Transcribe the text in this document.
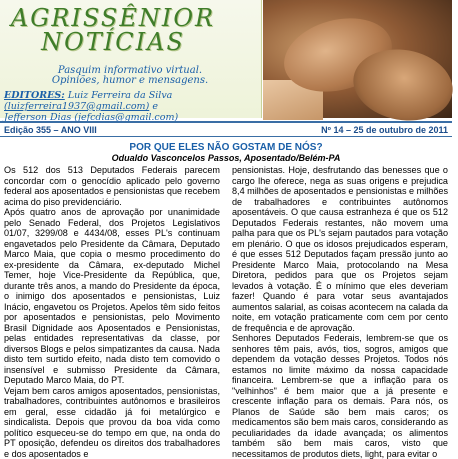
AGRISSÊNIOR
NOTÍCIAS
Pasquim informativo virtual.
Opiniões, humor e mensagens.
EDITORES: Luiz Ferreira da Silva
(luizferreira1937@gmail.com) e
Jefferson Dias (jefcdias@gmail.com)
Edição 355 – ANO VIII	Nº 14 – 25 de outubro de 2011
POR QUE ELES NÃO GOSTAM DE NÓS?
Odualdo Vasconcelos Passos, Aposentado/Belém-PA

Os 512 dos 513 Deputados Federais parecem concordar com o genocídio aplicado pelo governo federal aos aposentados e pensionistas que recebem acima do piso previdenciário.

Após quatro anos de aprovação por unanimidade pelo Senado Federal, dos Projetos Legislativos 01/07, 3299/08 e 4434/08, esses PL's continuam engavetados pelo Presidente da Câmara, Deputado Marco Maia, que copia o mesmo procedimento do ex-presidente da Câmara, ex-deputado Michel Temer, hoje Vice-Presidente da República, que, durante três anos, a mando do Presidente da época, o inimigo dos aposentados e pensionistas, Luiz Inácio, engavetou os Projetos. Apelos têm sido feitos por aposentados e pensionistas, pelo Movimento Brasil Dignidade aos Aposentados e Pensionistas, pelas entidades representativas da classe, por diversos Blogs e pelos simpatizantes da causa. Nada disto tem surtido efeito, nada disto tem comovido o insensível e submisso Presidente da Câmara, Deputado Marco Maia, do PT.

Vejam bem caros amigos aposentados, pensionistas, trabalhadores, contribuintes autônomos e brasileiros em geral, esse cidadão já foi metalúrgico e sindicalista. Depois que provou da boa vida como político esqueceu-se do tempo em que, na onda do PT oposição, defendeu os direitos dos trabalhadores e dos aposentados e

pensionistas. Hoje, desfrutando das benesses que o cargo lhe oferece, nega as suas origens e prejudica 8,4 milhões de aposentados e pensionistas e milhões de trabalhadores e contribuintes autônomos aposentáveis. O que causa estranheza é que os 512 Deputados Federais restantes, não movem uma palha para que os PL's sejam pautados para votação em plenário. O que os idosos prejudicados esperam, é que esses 512 Deputados façam pressão junto ao Presidente Marco Maia, protocolando na Mesa Diretora, pedidos para que os Projetos sejam levados à votação. É o mínimo que eles deveriam fazer! Quando é para votar seus avantajados aumentos salarial, as coisas acontecem na calada da noite, em votação praticamente com cem por cento de frequência e de aprovação.

Senhores Deputados Federais, lembrem-se que os senhores têm pais, avós, tios, sogros, amigos que dependem da votação desses Projetos. Todos nós estamos no limite máximo da nossa capacidade financeira. Lembrem-se que a inflação para os "velhinhos" é bem maior que a já presente e crescente inflação para os demais. Para nós, os Planos de Saúde são bem mais caros; os medicamentos são bem mais caros, considerando as peculiaridades da idade avançada; os alimentos também são bem mais caros, visto que necessitamos de produtos diets, light, para evitar o
